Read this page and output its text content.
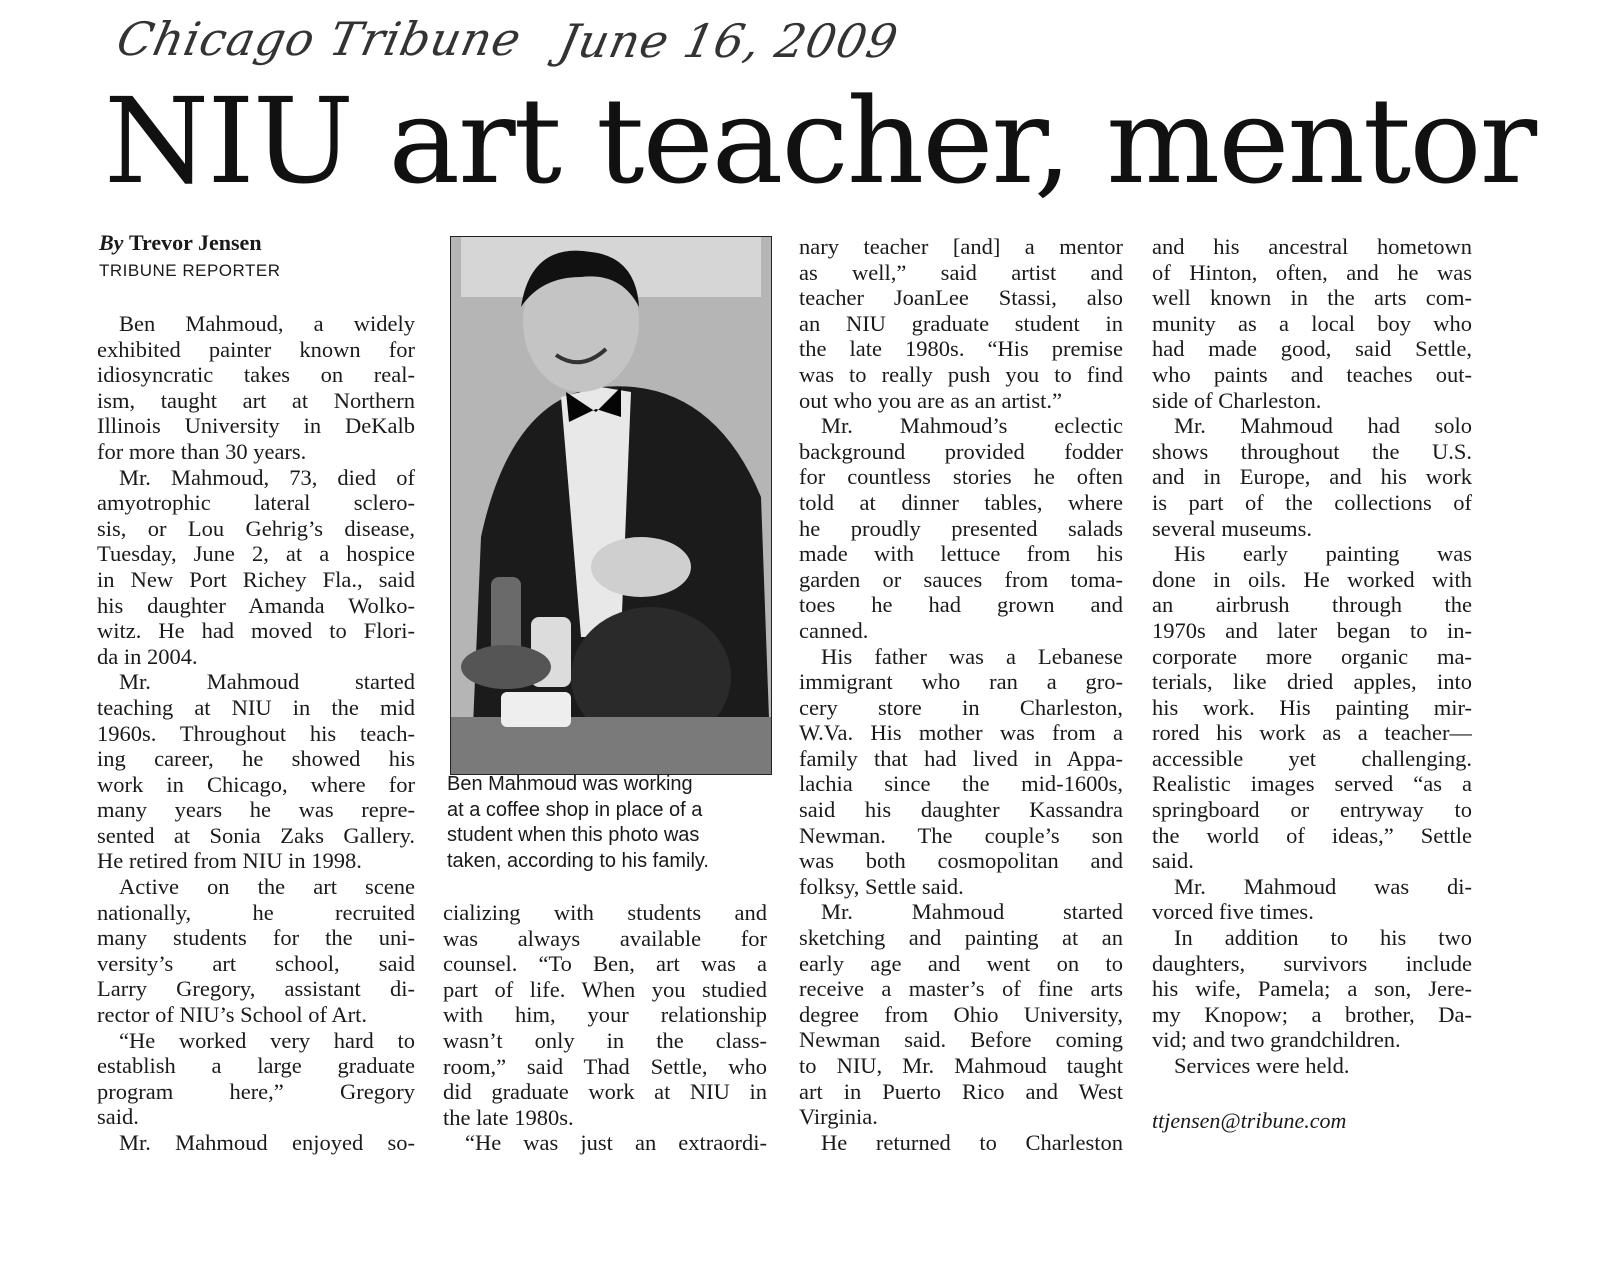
Chicago Tribune June 16, 2009
NIU art teacher, mentor
By Trevor Jensen
TRIBUNE REPORTER
Ben Mahmoud was working
at a coffee shop in place of a
student when this photo was
taken, according to his family.
Ben Mahmoud, a widely
exhibited painter known for
idiosyncratic takes on real-
ism, taught art at Northern
Illinois University in DeKalb
for more than 30 years.
Mr. Mahmoud, 73, died of
amyotrophic lateral sclero-
sis, or Lou Gehrig’s disease,
Tuesday, June 2, at a hospice
in New Port Richey Fla., said
his daughter Amanda Wolko-
witz. He had moved to Flori-
da in 2004.
Mr. Mahmoud started
teaching at NIU in the mid
1960s. Throughout his teach-
ing career, he showed his
work in Chicago, where for
many years he was repre-
sented at Sonia Zaks Gallery.
He retired from NIU in 1998.
Active on the art scene
nationally, he recruited
many students for the uni-
versity’s art school, said
Larry Gregory, assistant di-
rector of NIU’s School of Art.
“He worked very hard to
establish a large graduate
program here,” Gregory
said.
Mr. Mahmoud enjoyed so-
cializing with students and
was always available for
counsel. “To Ben, art was a
part of life. When you studied
with him, your relationship
wasn’t only in the class-
room,” said Thad Settle, who
did graduate work at NIU in
the late 1980s.
“He was just an extraordi-
nary teacher [and] a mentor
as well,” said artist and
teacher JoanLee Stassi, also
an NIU graduate student in
the late 1980s. “His premise
was to really push you to find
out who you are as an artist.”
Mr. Mahmoud’s eclectic
background provided fodder
for countless stories he often
told at dinner tables, where
he proudly presented salads
made with lettuce from his
garden or sauces from toma-
toes he had grown and
canned.
His father was a Lebanese
immigrant who ran a gro-
cery store in Charleston,
W.Va. His mother was from a
family that had lived in Appa-
lachia since the mid-1600s,
said his daughter Kassandra
Newman. The couple’s son
was both cosmopolitan and
folksy, Settle said.
Mr. Mahmoud started
sketching and painting at an
early age and went on to
receive a master’s of fine arts
degree from Ohio University,
Newman said. Before coming
to NIU, Mr. Mahmoud taught
art in Puerto Rico and West
Virginia.
He returned to Charleston
and his ancestral hometown
of Hinton, often, and he was
well known in the arts com-
munity as a local boy who
had made good, said Settle,
who paints and teaches out-
side of Charleston.
Mr. Mahmoud had solo
shows throughout the U.S.
and in Europe, and his work
is part of the collections of
several museums.
His early painting was
done in oils. He worked with
an airbrush through the
1970s and later began to in-
corporate more organic ma-
terials, like dried apples, into
his work. His painting mir-
rored his work as a teacher—
accessible yet challenging.
Realistic images served “as a
springboard or entryway to
the world of ideas,” Settle
said.
Mr. Mahmoud was di-
vorced five times.
In addition to his two
daughters, survivors include
his wife, Pamela; a son, Jere-
my Knopow; a brother, Da-
vid; and two grandchildren.
Services were held.
ttjensen@tribune.com
